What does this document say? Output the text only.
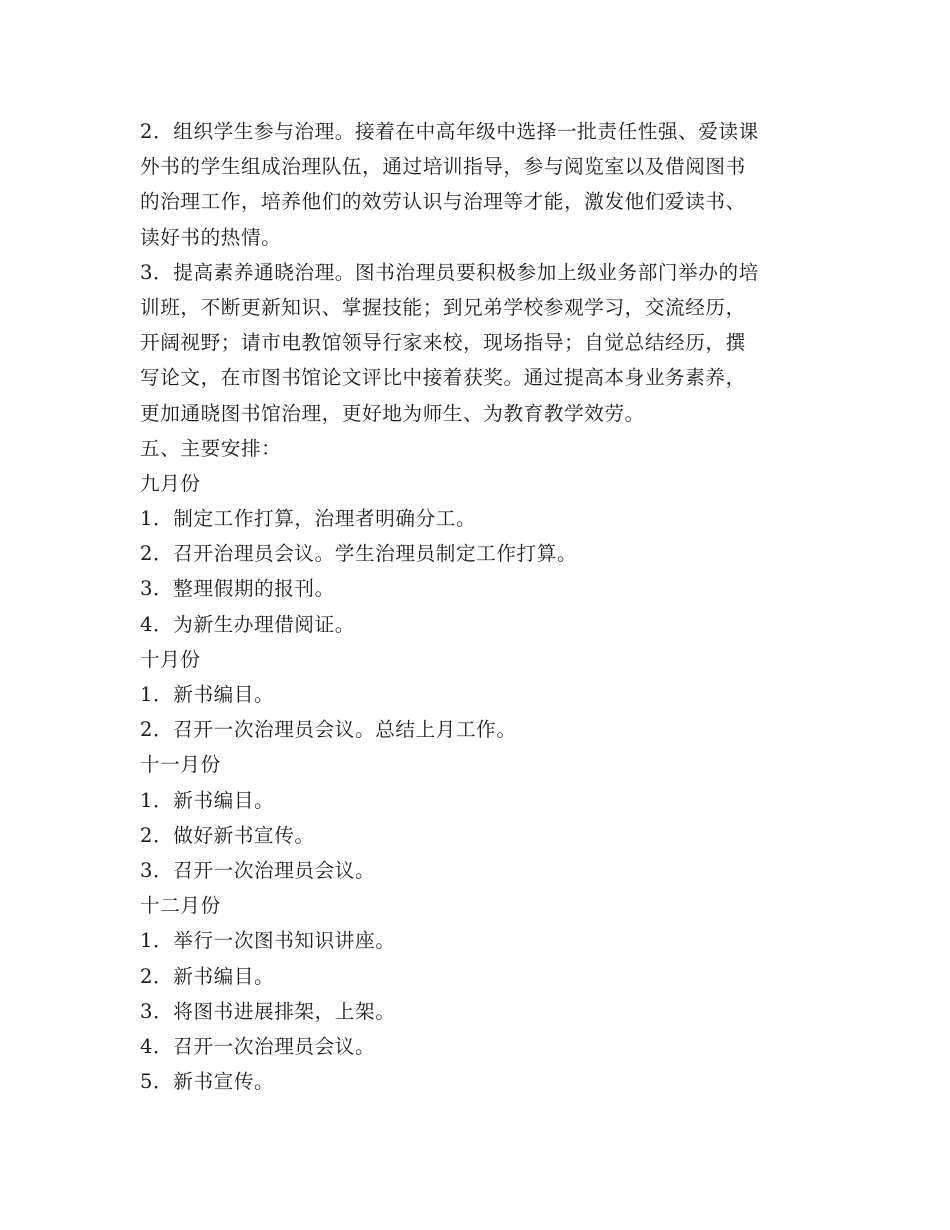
2．组织学生参与治理。接着在中高年级中选择一批责任性强、爱读课

外书的学生组成治理队伍，通过培训指导，参与阅览室以及借阅图书

的治理工作，培养他们的效劳认识与治理等才能，激发他们爱读书、

读好书的热情。

3．提高素养通晓治理。图书治理员要积极参加上级业务部门举办的培

训班，不断更新知识、掌握技能；到兄弟学校参观学习，交流经历，

开阔视野；请市电教馆领导行家来校，现场指导；自觉总结经历，撰

写论文，在市图书馆论文评比中接着获奖。通过提高本身业务素养，

更加通晓图书馆治理，更好地为师生、为教育教学效劳。

五、主要安排：

九月份

1．制定工作打算，治理者明确分工。

2．召开治理员会议。学生治理员制定工作打算。

3．整理假期的报刊。

4．为新生办理借阅证。

十月份

1．新书编目。

2．召开一次治理员会议。总结上月工作。

十一月份

1．新书编目。

2．做好新书宣传。

3．召开一次治理员会议。

十二月份

1．举行一次图书知识讲座。

2．新书编目。

3．将图书进展排架，上架。

4．召开一次治理员会议。

5．新书宣传。
